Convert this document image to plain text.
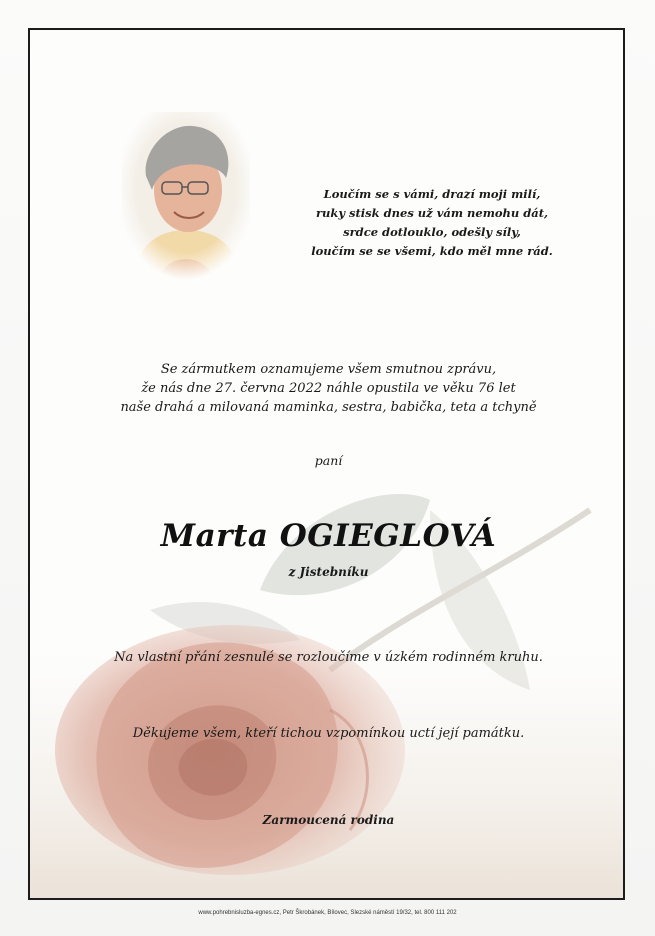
Loučím se s vámi, drazí moji milí,
ruky stisk dnes už vám nemohu dát,
srdce dotlouklo, odešly síly,
loučím se se všemi, kdo měl mne rád.
Se zármutkem oznamujeme všem smutnou zprávu,
že nás dne 27. června 2022 náhle opustila ve věku 76 let
naše drahá a milovaná maminka, sestra, babička, teta a tchyně
paní
Marta OGIEGLOVÁ
z Jistebníku
Na vlastní přání zesnulé se rozloučíme v úzkém rodinném kruhu.
Děkujeme všem, kteří tichou vzpomínkou uctí její památku.
Zarmoucená rodina
www.pohrebnisluzba-egnes.cz, Petr Škrobánek, Bílovec, Slezské náměstí 19/32, tel. 800 111 202
